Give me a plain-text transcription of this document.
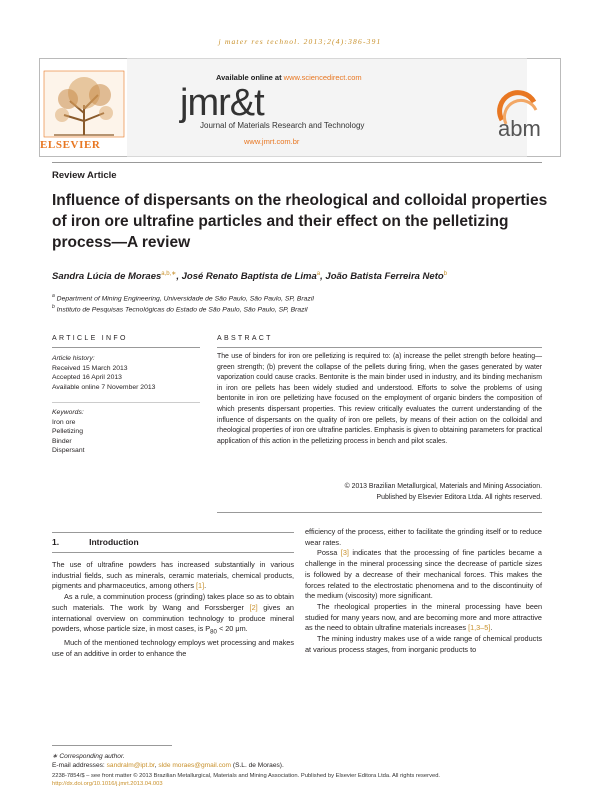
j mater res technol. 2013;2(4):386-391
ELSEVIER
Available online at www.sciencedirect.com
jmr&t
Journal of Materials Research and Technology
www.jmrt.com.br
abm
Review Article
Influence of dispersants on the rheological and colloidal properties of iron ore ultrafine particles and their effect on the pelletizing process—A review
Sandra Lúcia de Moraes$^{a,b,∗}$, José Renato Baptista de Lima$^a$, João Batista Ferreira Neto$^b$
$^a$ Department of Mining Engineering, Universidade de São Paulo, São Paulo, SP, Brazil
$^b$ Instituto de Pesquisas Tecnológicas do Estado de São Paulo, São Paulo, SP, Brazil
ARTICLE INFO	ABSTRACT
Article history:
Received 15 March 2013
Accepted 16 April 2013
Available online 7 November 2013
Keywords:
Iron ore
Pelletizing
Binder
Dispersant
The use of binders for iron ore pelletizing is required to: (a) increase the pellet strength before heating—green strength; (b) prevent the collapse of the pellets during firing, when the gases generated by water vaporization could cause cracks. Bentonite is the main binder used in industry, and its binding mechanism in iron ore pellets has been widely studied and understood. Efforts to solve the problems of using bentonite in iron ore pelletizing have focused on the employment of organic binders the composition of which presents dispersant properties. This review critically evaluates the current understanding of the influence of dispersants on the quality of iron ore pellets, by means of their action on the colloidal and rheological properties of iron ore ultrafine particles. Emphasis is given to obtaining parameters for practical application of this action in the pelletizing process in bench and pilot scales.
© 2013 Brazilian Metallurgical, Materials and Mining Association. Published by Elsevier Editora Ltda. All rights reserved.
1.	Introduction

The use of ultrafine powders has increased substantially in various industrial fields, such as minerals, ceramic materials, chemical products, pigments and pharmaceutics, among others [1].

As a rule, a comminution process (grinding) takes place so as to obtain such materials. The work by Wang and Forssberger [2] gives an international overview on comminution technology to produce mineral powders, whose particle size, in most cases, is $P_{80} < 20$ μm.

Much of the mentioned technology employs wet processing and makes use of an additive in order to enhance the

efficiency of the process, either to facilitate the grinding itself or to reduce wear rates.

Possa [3] indicates that the processing of fine particles became a challenge in the mineral processing since the decrease of particle sizes is followed by a decrease of their mechanical forces. This makes the forces related to the electrostatic phenomena and to the discontinuity of the medium (viscosity) more significant.

The rheological properties in the mineral processing have been studied for many years now, and are becoming more and more attractive as the need to obtain ultrafine materials increases [1,3–5].

The mining industry makes use of a wide range of chemical products at various process stages, from inorganic products to

∗ Corresponding author.
E-mail addresses: sandralm@ipt.br, slde moraes@gmail.com (S.L. de Moraes).
2238-7854/$ – see front matter © 2013 Brazilian Metallurgical, Materials and Mining Association. Published by Elsevier Editora Ltda. All rights reserved.
http://dx.doi.org/10.1016/j.jmrt.2013.04.003
